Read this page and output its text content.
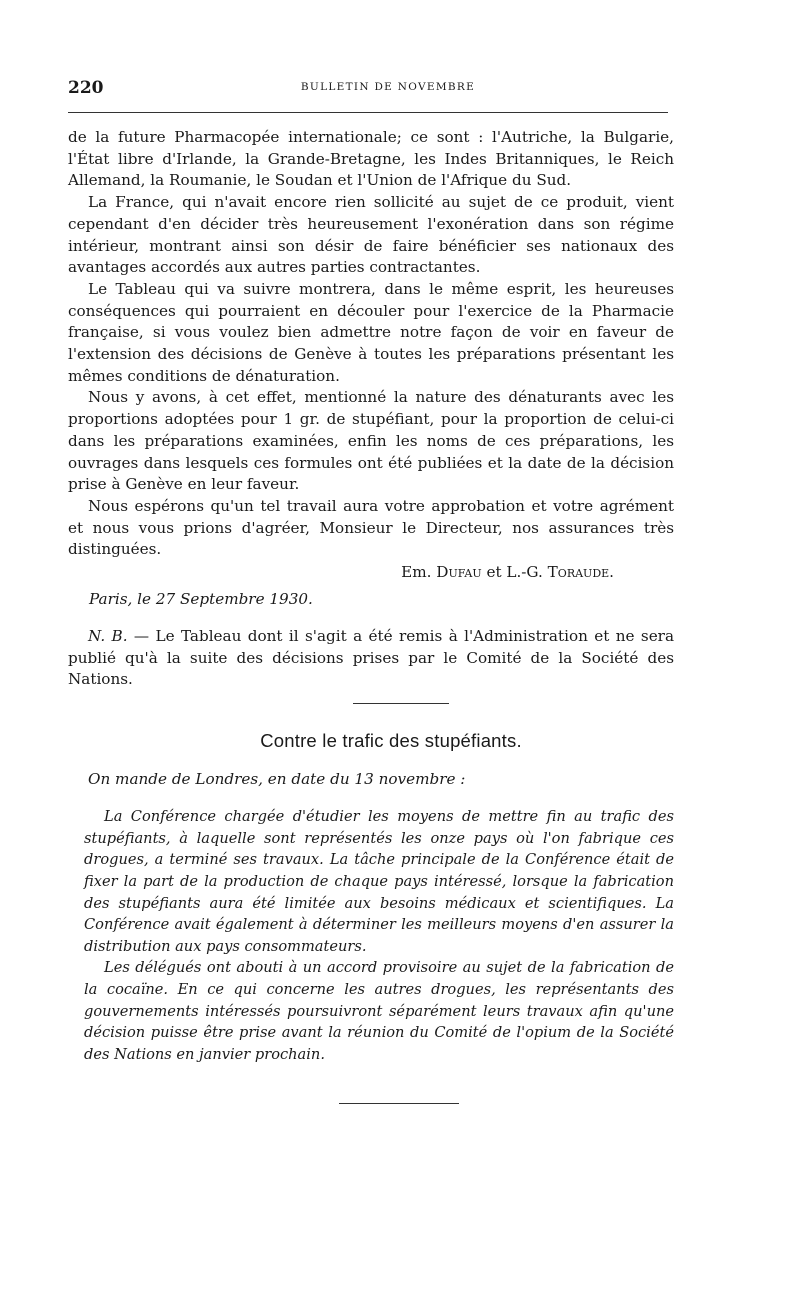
220	BULLETIN DE NOVEMBRE

de la future Pharmacopée internationale; ce sont : l'Autriche, la Bulgarie, l'État libre d'Irlande, la Grande-Bretagne, les Indes Britanniques, le Reich Allemand, la Roumanie, le Soudan et l'Union de l'Afrique du Sud.

La France, qui n'avait encore rien sollicité au sujet de ce produit, vient cependant d'en décider très heureusement l'exonération dans son régime intérieur, montrant ainsi son désir de faire bénéficier ses nationaux des avantages accordés aux autres parties contractantes.

Le Tableau qui va suivre montrera, dans le même esprit, les heureuses conséquences qui pourraient en découler pour l'exercice de la Pharmacie française, si vous voulez bien admettre notre façon de voir en faveur de l'extension des décisions de Genève à toutes les préparations présentant les mêmes conditions de dénaturation.

Nous y avons, à cet effet, mentionné la nature des dénaturants avec les proportions adoptées pour 1 gr. de stupéfiant, pour la proportion de celui-ci dans les préparations examinées, enfin les noms de ces préparations, les ouvrages dans lesquels ces formules ont été publiées et la date de la décision prise à Genève en leur faveur.

Nous espérons qu'un tel travail aura votre approbation et votre agrément et nous vous prions d'agréer, Monsieur le Directeur, nos assurances très distinguées.

Em. Dufau et L.-G. Toraude.

Paris, le 27 Septembre 1930.

N. B. — Le Tableau dont il s'agit a été remis à l'Administration et ne sera publié qu'à la suite des décisions prises par le Comité de la Société des Nations.

Contre le trafic des stupéfiants.

On mande de Londres, en date du 13 novembre :

La Conférence chargée d'étudier les moyens de mettre fin au trafic des stupéfiants, à laquelle sont représentés les onze pays où l'on fabrique ces drogues, a terminé ses travaux. La tâche principale de la Conférence était de fixer la part de la production de chaque pays intéressé, lorsque la fabrication des stupéfiants aura été limitée aux besoins médicaux et scientifiques. La Conférence avait également à déterminer les meilleurs moyens d'en assurer la distribution aux pays consommateurs.

Les délégués ont abouti à un accord provisoire au sujet de la fabrication de la cocaïne. En ce qui concerne les autres drogues, les représentants des gouvernements intéressés poursuivront séparément leurs travaux afin qu'une décision puisse être prise avant la réunion du Comité de l'opium de la Société des Nations en janvier prochain.
